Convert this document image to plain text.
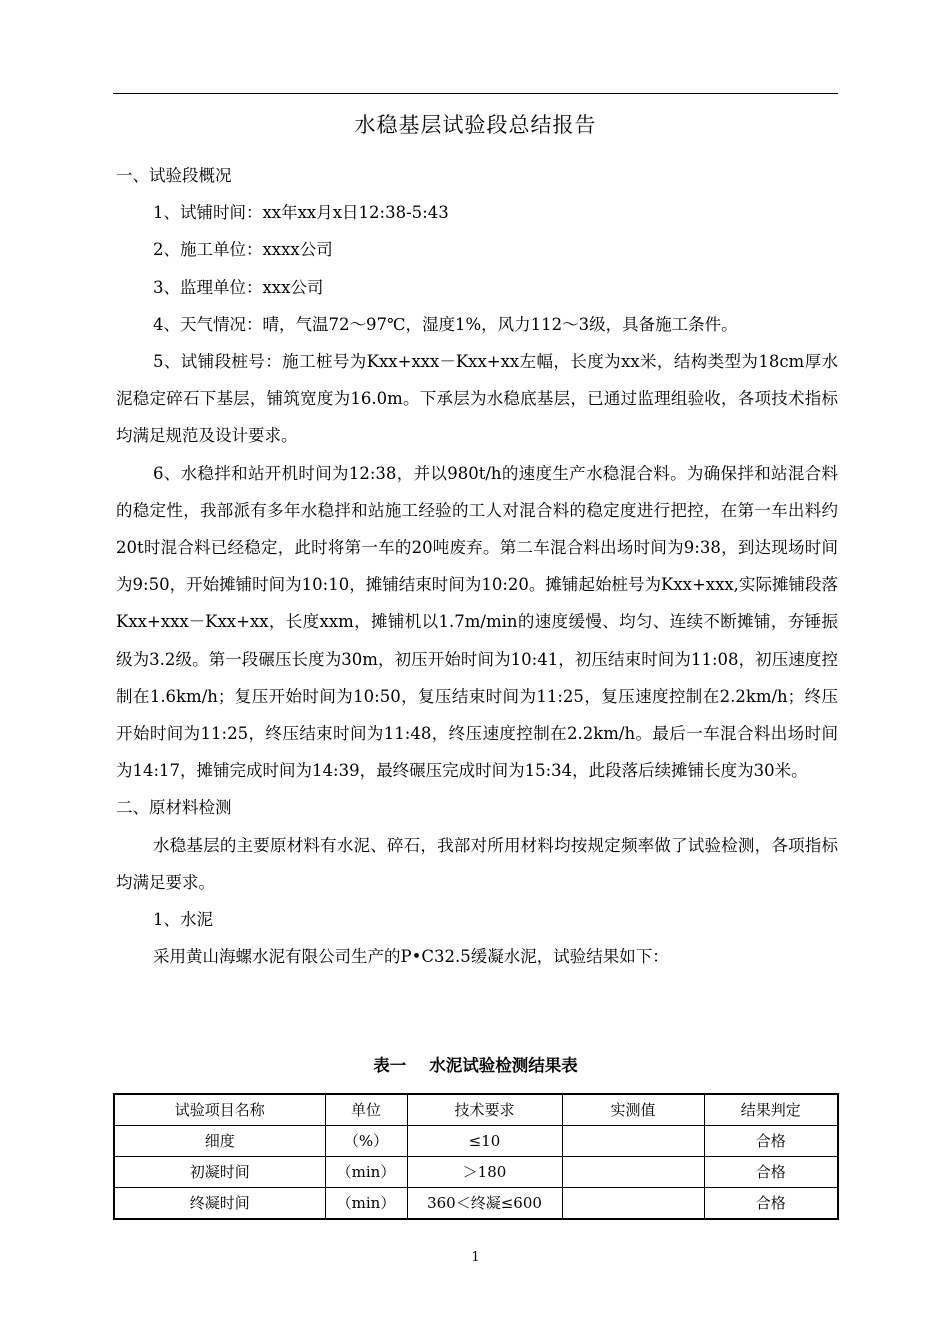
水稳基层试验段总结报告

一、试验段概况

1、试铺时间：xx年xx月x日12:38-5:43

2、施工单位：xxxx公司

3、监理单位：xxx公司

4、天气情况：晴，气温72～97℃，湿度1%，风力112～3级，具备施工条件。

5、试铺段桩号：施工桩号为Kxx+xxx－Kxx+xx左幅，长度为xx米，结构类型为18cm厚水泥稳定碎石下基层，铺筑宽度为16.0m。下承层为水稳底基层，已通过监理组验收，各项技术指标均满足规范及设计要求。

6、水稳拌和站开机时间为12:38，并以980t/h的速度生产水稳混合料。为确保拌和站混合料的稳定性，我部派有多年水稳拌和站施工经验的工人对混合料的稳定度进行把控，在第一车出料约20t时混合料已经稳定，此时将第一车的20吨废弃。第二车混合料出场时间为9:38，到达现场时间为9:50，开始摊铺时间为10:10，摊铺结束时间为10:20。摊铺起始桩号为Kxx+xxx,实际摊铺段落Kxx+xxx－Kxx+xx，长度xxm，摊铺机以1.7m/min的速度缓慢、均匀、连续不断摊铺，夯锤振级为3.2级。第一段碾压长度为30m，初压开始时间为10:41，初压结束时间为11:08，初压速度控制在1.6km/h；复压开始时间为10:50，复压结束时间为11:25，复压速度控制在2.2km/h；终压开始时间为11:25，终压结束时间为11:48，终压速度控制在2.2km/h。最后一车混合料出场时间为14:17，摊铺完成时间为14:39，最终碾压完成时间为15:34，此段落后续摊铺长度为30米。

二、原材料检测

水稳基层的主要原材料有水泥、碎石，我部对所用材料均按规定频率做了试验检测，各项指标均满足要求。

1、水泥

采用黄山海螺水泥有限公司生产的P•C32.5缓凝水泥，试验结果如下：

表一    水泥试验检测结果表
试验项目名称	单位	技术要求	实测值	结果判定
细度	（%）	≤10		合格
初凝时间	（min）	＞180		合格
终凝时间	（min）	360＜终凝≤600		合格
1
